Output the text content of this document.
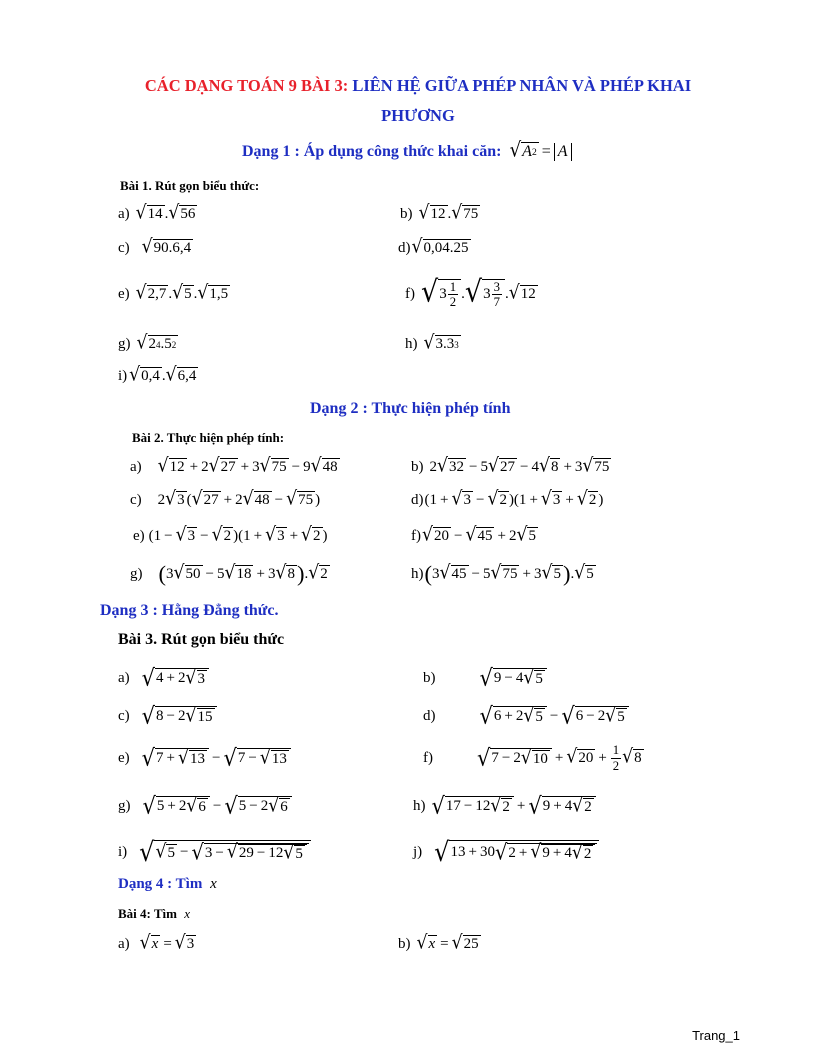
CÁC DẠNG TOÁN 9 BÀI 3: LIÊN HỆ GIỮA PHÉP NHÂN VÀ PHÉP KHAI
PHƯƠNG
Dạng 1 : Áp dụng công thức khai căn: √ A 2 = A
Bài 1. Rút gọn biểu thức:
a) √ 14 . √ 56	b) √ 12 . √ 75
c) √ 90.6,4	d) √ 0,04.25
e) √ 2,7 . √ 5 . √ 1,5	f) √ $3 \frac{1}{2}$ . √ $3 \frac{3}{7}$ . √ 12
g) √ 2 4 .5 2	h) √ 3.3 3
i) √ 0,4 . √ 6,4
Dạng 2 : Thực hiện phép tính
Bài 2. Thực hiện phép tính:
a) √ 12 + 2 √ 27 + 3 √ 75 − 9 √ 48	b) 2 √ 32 − 5 √ 27 − 4 √ 8 + 3 √ 75
c) 2 √ 3 ( √ 27 + 2 √ 48 − √ 75 )	d) (1 + √ 3 − √ 2 )(1 + √ 3 + √ 2 )
e) (1 − √ 3 − √ 2 )(1 + √ 3 + √ 2 )	f) √ 20 − √ 45 + 2 √ 5
g) ( 3 √ 50 − 5 √ 18 + 3 √ 8 ) . √ 2	h) ( 3 √ 45 − 5 √ 75 + 3 √ 5 ) . √ 5
Dạng 3 : Hằng Đẳng thức.
Bài 3. Rút gọn biểu thức
a) √ 4 + 2 √ 3	b) √ 9 − 4 √ 5
c) √ 8 − 2 √ 15	d) √ 6 + 2 √ 5 − √ 6 − 2 √ 5
e) √ 7 + √ 13 − √ 7 − √ 13	f) √ 7 − 2 √ 10 + √ $20 + \frac{1}{2}$ √ 8
g) √ 5 + 2 √ 6 − √ 5 − 2 √ 6	h) √ 17 − 12 √ 2 + √ 9 + 4 √ 2
i) √ √ 5 − √ 3 − √ 29 − 12 √ 5	j) √ 13 + 30 √ 2 + √ 9 + 4 √ 2
Dạng 4 : Tìm x
Bài 4: Tìm x
a) √ x = √ 3	b) √ x = √ 25
Trang_1
